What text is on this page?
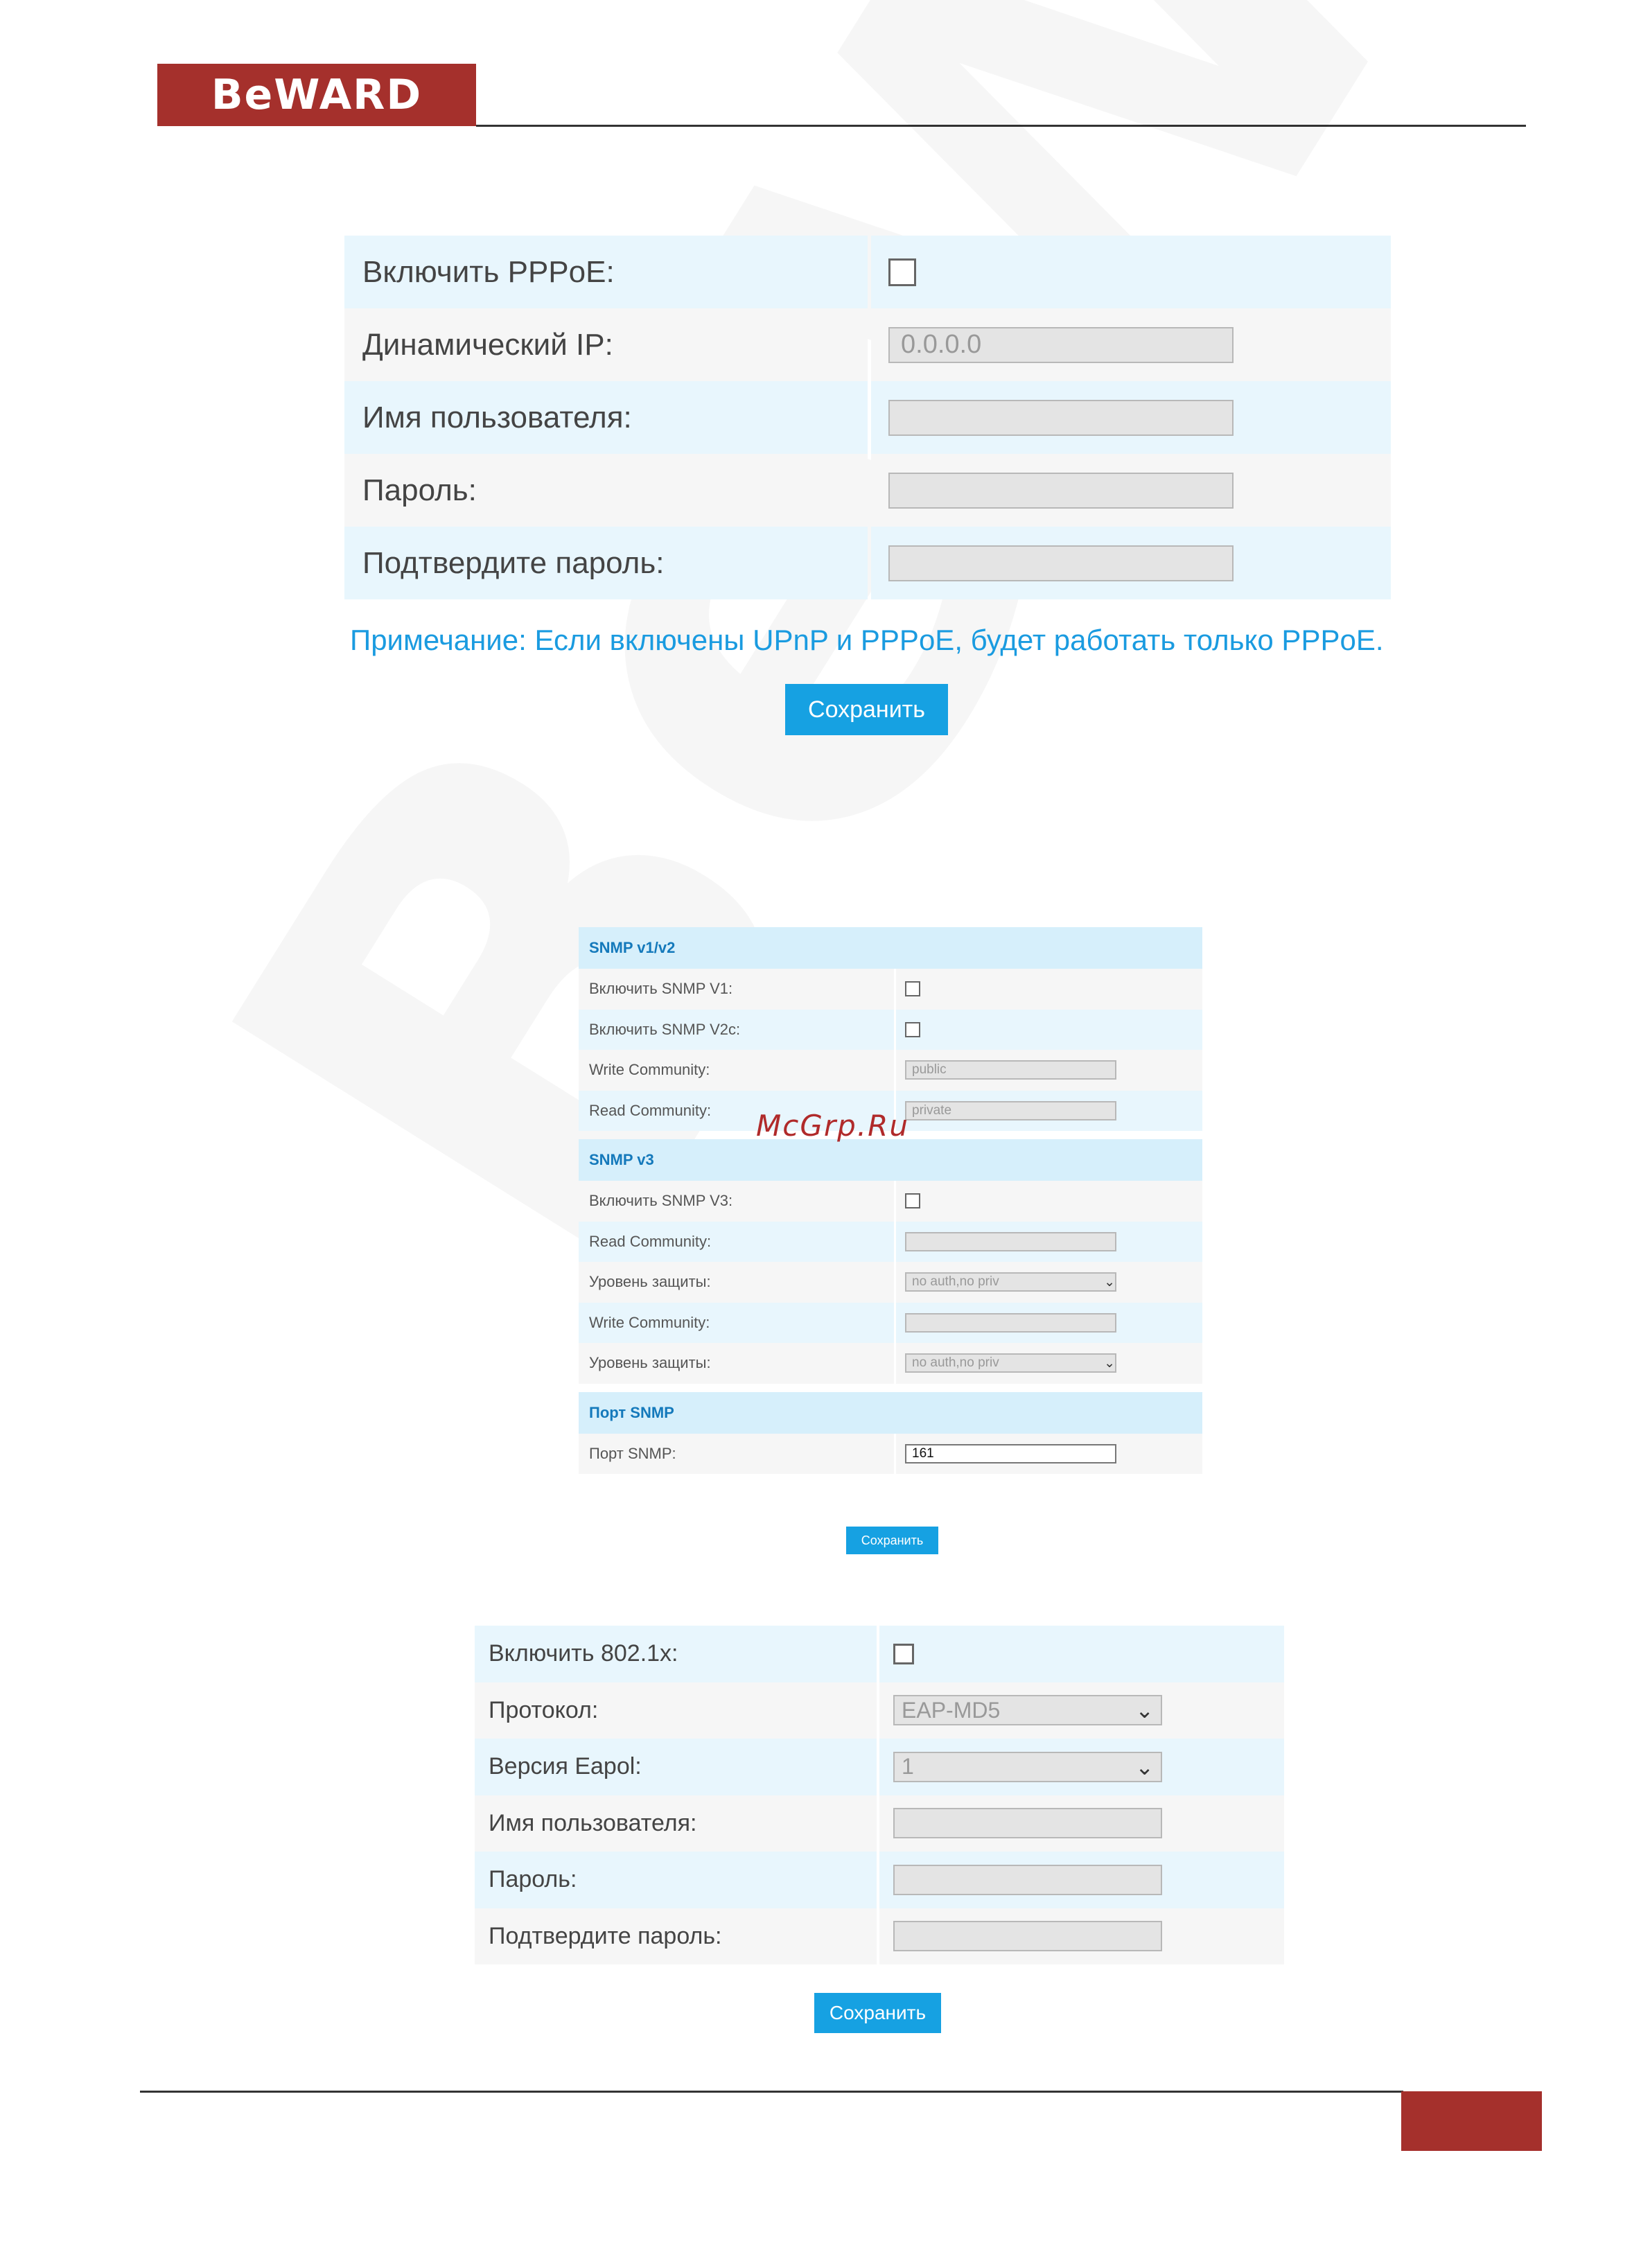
BeWARD
Включить PPPoE:
Динамический IP:	0.0.0.0
Имя пользователя:
Пароль:
Подтвердите пароль:
Примечание: Если включены UPnP и PPPoE, будет работать только PPPoE.
Сохранить
SNMP v1/v2
Включить SNMP V1:
Включить SNMP V2c:
Write Community:	public
Read Community:	private
SNMP v3
Включить SNMP V3:
Read Community:
Уровень защиты:	no auth,no priv	⌄
Write Community:
Уровень защиты:	no auth,no priv	⌄
Порт SNMP
Порт SNMP:	161
Сохранить
McGrp.Ru
Включить 802.1x:
Протокол:	EAP-MD5	⌄
Версия Eapol:	1	⌄
Имя пользователя:
Пароль:
Подтвердите пароль:
Сохранить
